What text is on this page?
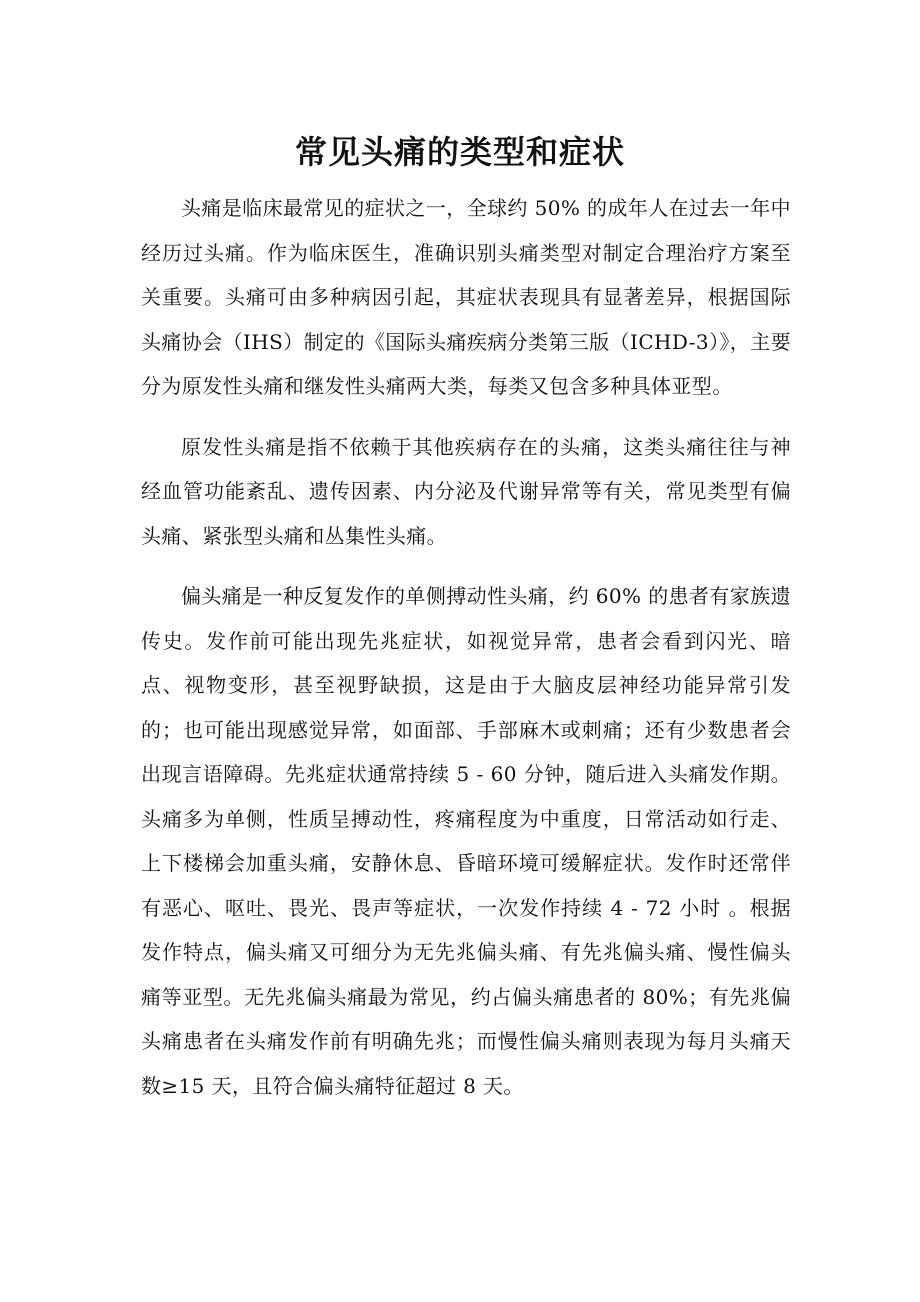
常见头痛的类型和症状

头痛是临床最常见的症状之一，全球约 50% 的成年人在过去一年中经历过头痛。作为临床医生，准确识别头痛类型对制定合理治疗方案至关重要。头痛可由多种病因引起，其症状表现具有显著差异，根据国际头痛协会（IHS）制定的《国际头痛疾病分类第三版（ICHD-3）》，主要分为原发性头痛和继发性头痛两大类，每类又包含多种具体亚型。

原发性头痛是指不依赖于其他疾病存在的头痛，这类头痛往往与神经血管功能紊乱、遗传因素、内分泌及代谢异常等有关，常见类型有偏头痛、紧张型头痛和丛集性头痛。

偏头痛是一种反复发作的单侧搏动性头痛，约 60% 的患者有家族遗传史。发作前可能出现先兆症状，如视觉异常，患者会看到闪光、暗点、视物变形，甚至视野缺损，这是由于大脑皮层神经功能异常引发的；也可能出现感觉异常，如面部、手部麻木或刺痛；还有少数患者会出现言语障碍。先兆症状通常持续 5 - 60 分钟，随后进入头痛发作期。头痛多为单侧，性质呈搏动性，疼痛程度为中重度，日常活动如行走、上下楼梯会加重头痛，安静休息、昏暗环境可缓解症状。发作时还常伴有恶心、呕吐、畏光、畏声等症状，一次发作持续 4 - 72 小时 。根据发作特点，偏头痛又可细分为无先兆偏头痛、有先兆偏头痛、慢性偏头痛等亚型。无先兆偏头痛最为常见，约占偏头痛患者的 80%；有先兆偏头痛患者在头痛发作前有明确先兆；而慢性偏头痛则表现为每月头痛天数≥15 天，且符合偏头痛特征超过 8 天。
